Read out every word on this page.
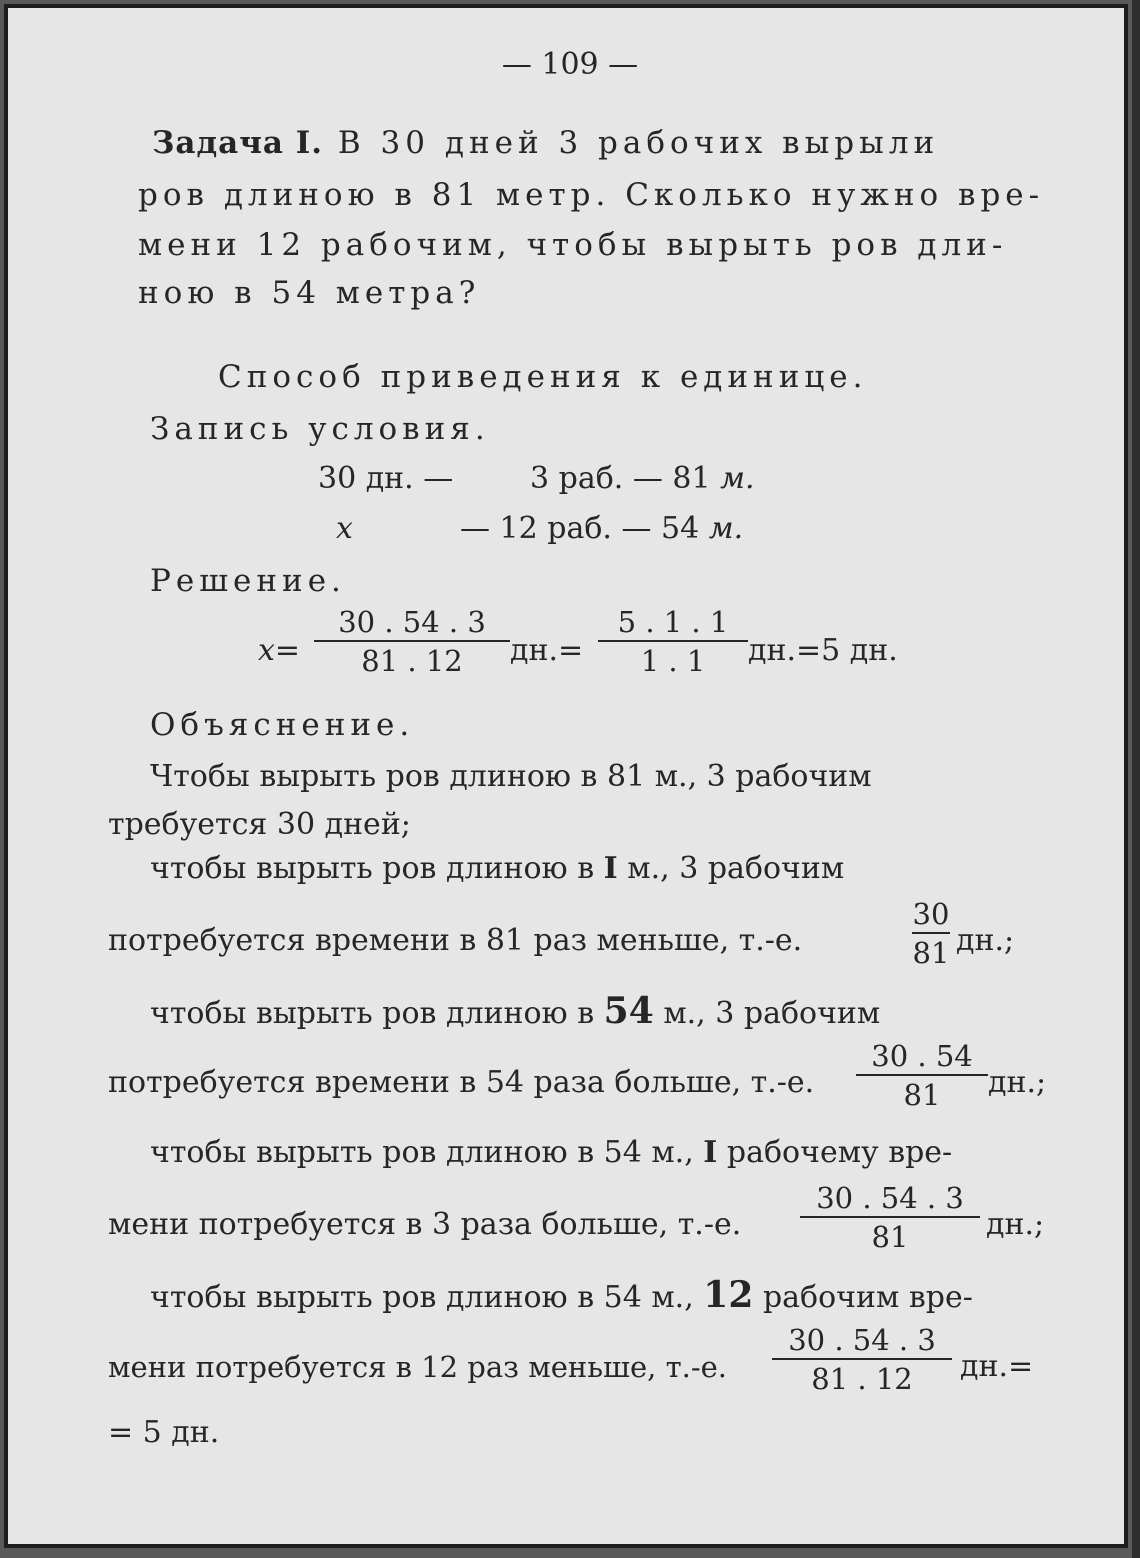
— 109 —
Задача I. В 30 дней 3 рабочих вырыли
ров длиною в 81 метр. Сколько нужно вре-
мени 12 рабочим, чтобы вырыть ров дли-
ною в 54 метра?
Способ приведения к единице.
Запись условия.
30 дн. —	3 раб. — 81 м.
x	— 12 раб. — 54 м.
Решение.
x=
30 . 54 . 3
81 . 12	дн.=
5 . 1 . 1
1 . 1	дн.=5 дн.
Объяснение.
Чтобы вырыть ров длиною в 81 м., 3 рабочим
требуется 30 дней;
чтобы вырыть ров длиною в I м., 3 рабочим
потребуется времени в 81 раз меньше, т.-е.
30
81 дн.;
чтобы вырыть ров длиною в 54 м., 3 рабочим
потребуется времени в 54 раза больше, т.-е.
30 . 54
81	дн.;
чтобы вырыть ров длиною в 54 м., I рабочему вре-
мени потребуется в 3 раза больше, т.-е.
30 . 54 . 3
81	дн.;
чтобы вырыть ров длиною в 54 м., 12 рабочим вре-
мени потребуется в 12 раз меньше, т.-е.
30 . 54 . 3
81 . 12	дн.=
= 5 дн.
